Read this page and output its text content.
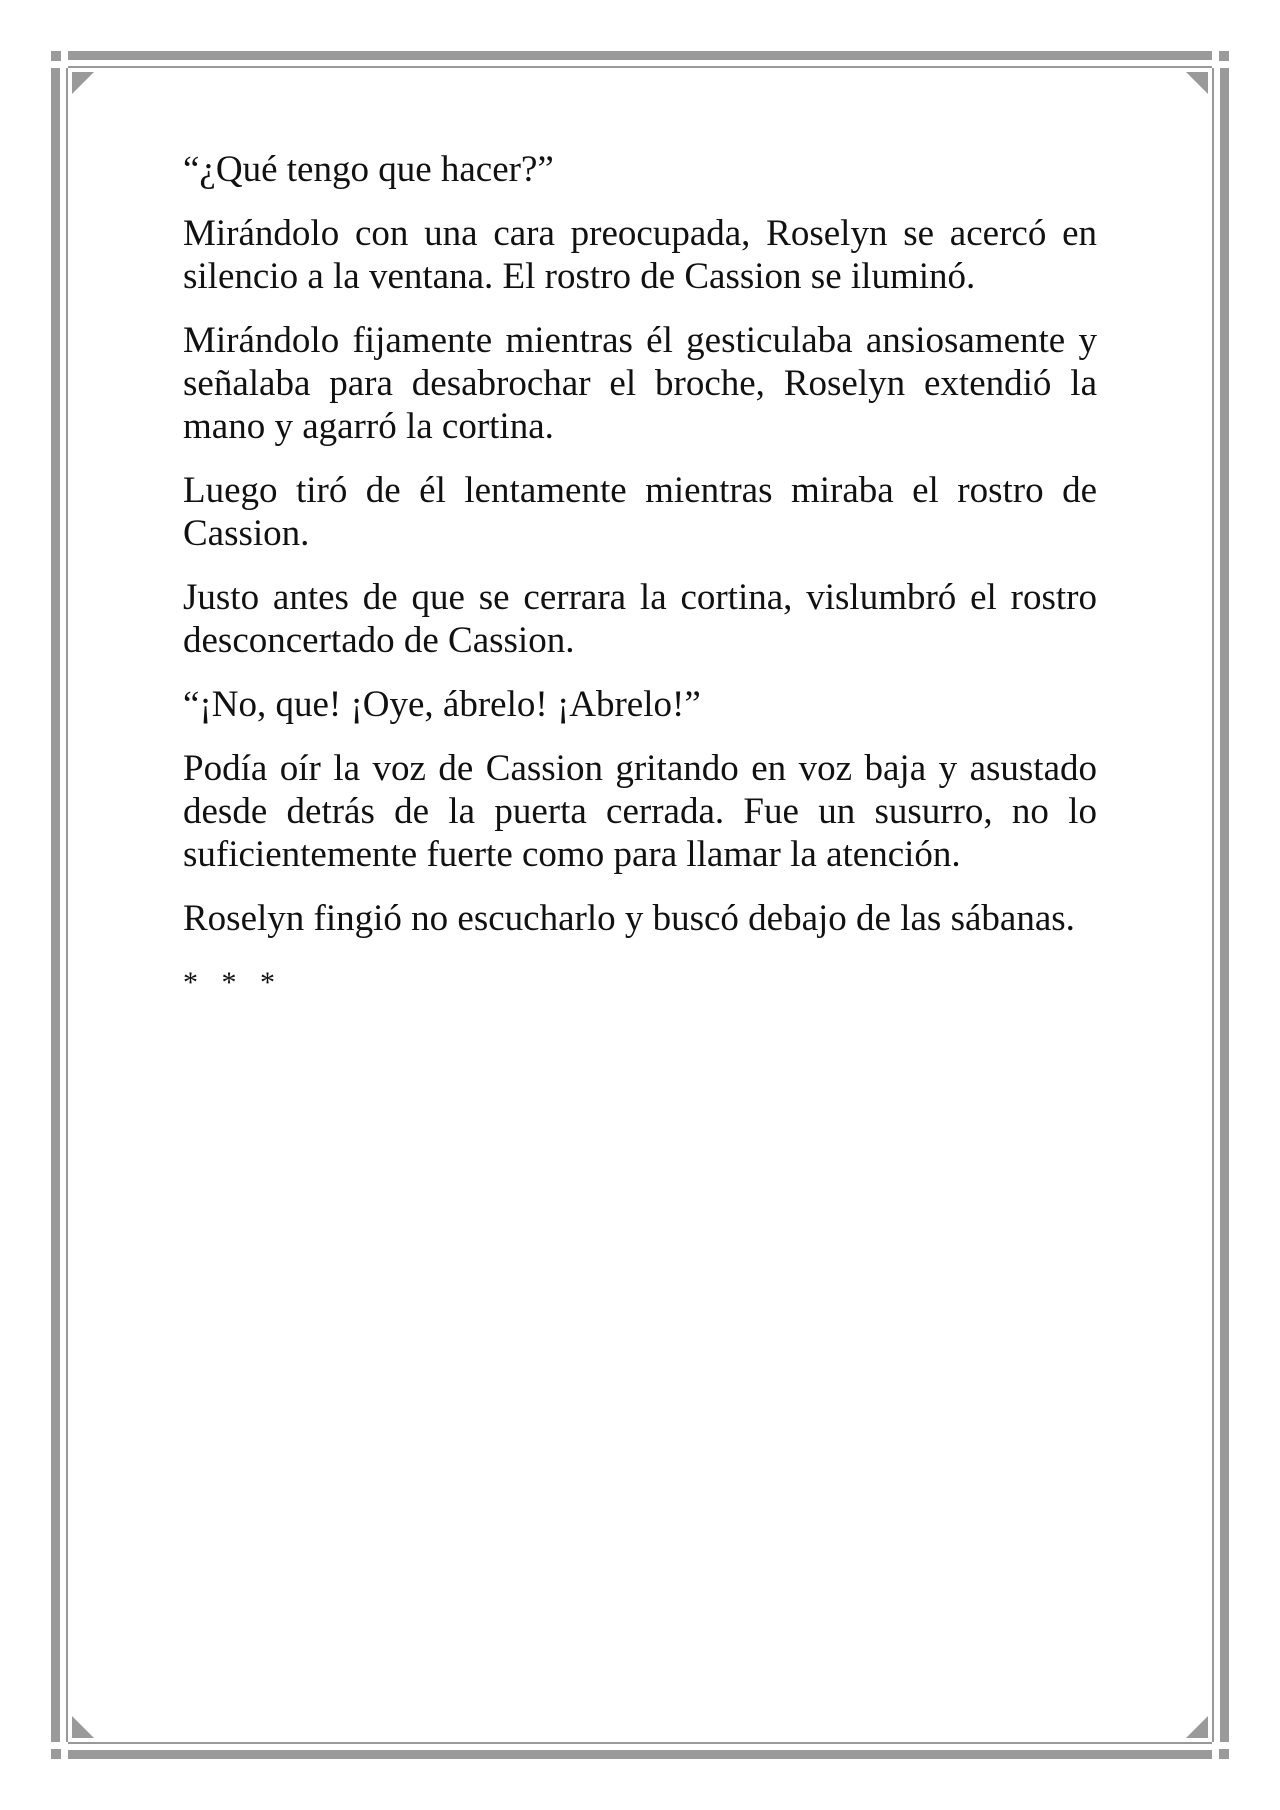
“¿Qué tengo que hacer?”

Mirándolo con una cara preocupada, Roselyn se acercó en silencio a la ventana. El rostro de Cassion se iluminó.

Mirándolo fijamente mientras él gesticulaba ansiosamente y señalaba para desabrochar el broche, Roselyn extendió la mano y agarró la cortina.

Luego tiró de él lentamente mientras miraba el rostro de Cassion.

Justo antes de que se cerrara la cortina, vislumbró el rostro desconcertado de Cassion.

“¡No, que! ¡Oye, ábrelo! ¡Abrelo!”

Podía oír la voz de Cassion gritando en voz baja y asustado desde detrás de la puerta cerrada. Fue un susurro, no lo suficientemente fuerte como para llamar la atención.

Roselyn fingió no escucharlo y buscó debajo de las sábanas.

* * *
